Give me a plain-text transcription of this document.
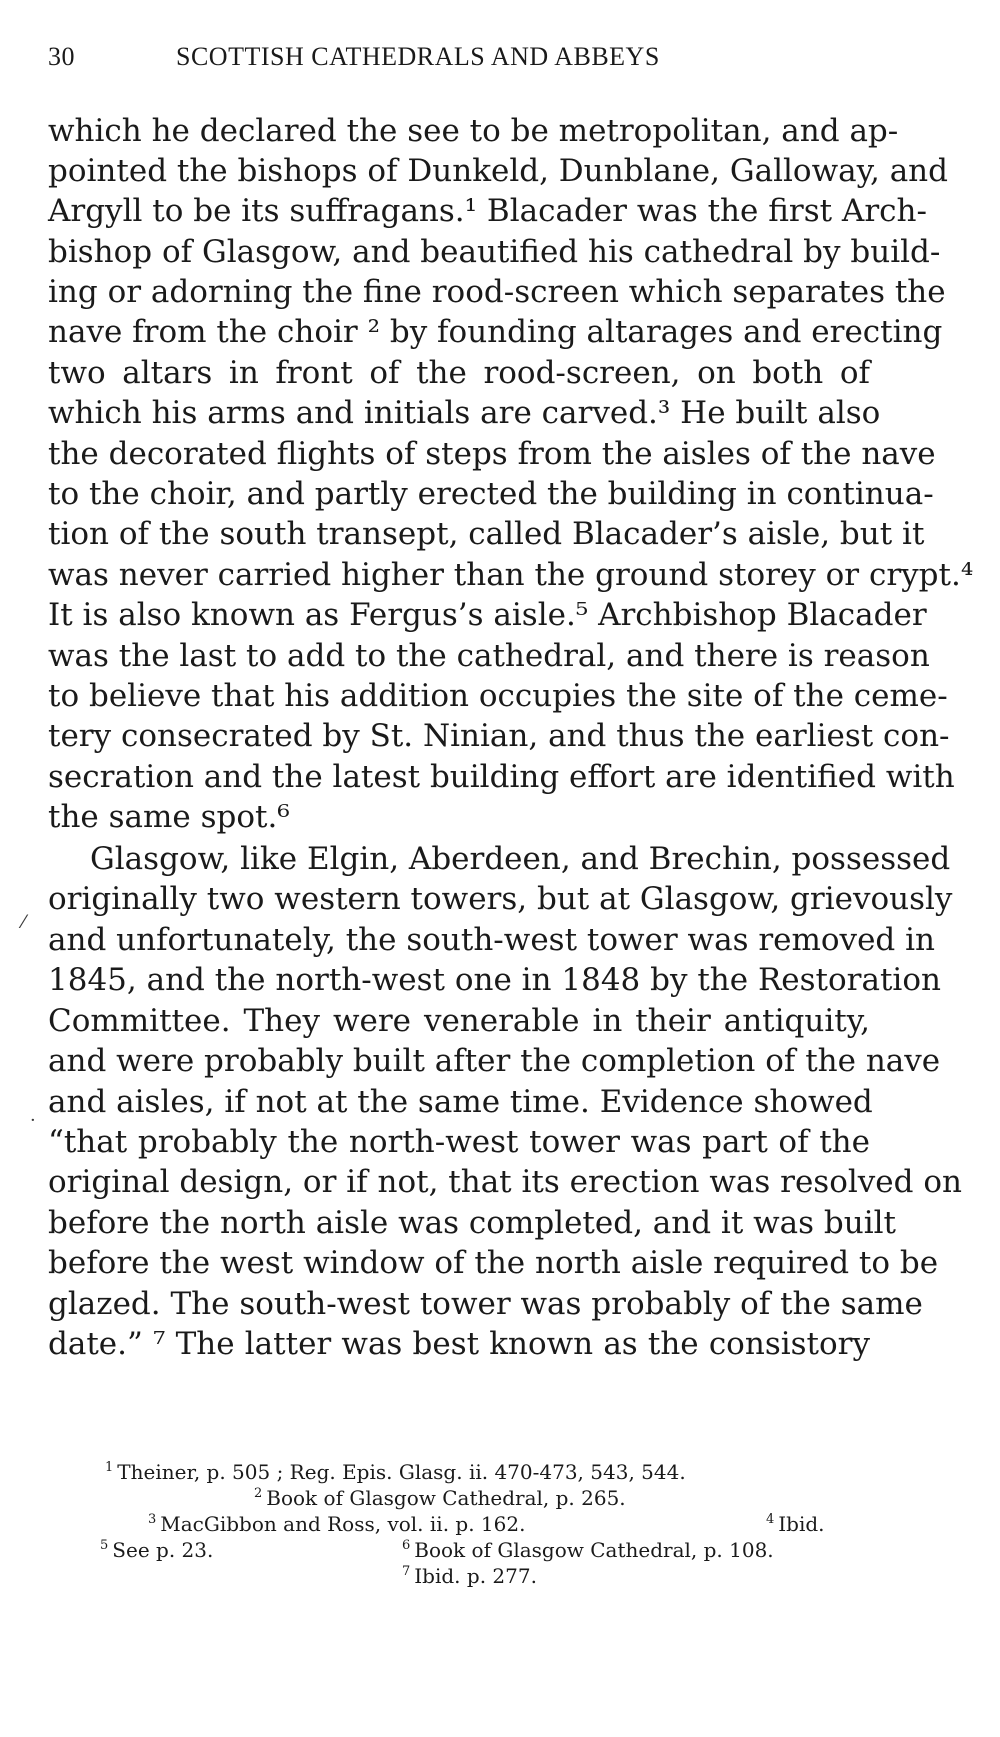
30	SCOTTISH CATHEDRALS AND ABBEYS
which he declared the see to be metropolitan, and ap-
pointed the bishops of Dunkeld, Dunblane, Galloway, and
Argyll to be its suffragans.¹ Blacader was the first Arch-
bishop of Glasgow, and beautified his cathedral by build-
ing or adorning the fine rood-screen which separates the
nave from the choir ² by founding altarages and erecting
two altars in front of the rood-screen, on both of
which his arms and initials are carved.³ He built also
the decorated flights of steps from the aisles of the nave
to the choir, and partly erected the building in continua-
tion of the south transept, called Blacader’s aisle, but it
was never carried higher than the ground storey or crypt.⁴
It is also known as Fergus’s aisle.⁵ Archbishop Blacader
was the last to add to the cathedral, and there is reason
to believe that his addition occupies the site of the ceme-
tery consecrated by St. Ninian, and thus the earliest con-
secration and the latest building effort are identified with
the same spot.⁶
Glasgow, like Elgin, Aberdeen, and Brechin, possessed
originally two western towers, but at Glasgow, grievously
and unfortunately, the south-west tower was removed in
1845, and the north-west one in 1848 by the Restoration
Committee. They were venerable in their antiquity,
and were probably built after the completion of the nave
and aisles, if not at the same time. Evidence showed
“that probably the north-west tower was part of the
original design, or if not, that its erection was resolved on
before the north aisle was completed, and it was built
before the west window of the north aisle required to be
glazed. The south-west tower was probably of the same
date.” ⁷ The latter was best known as the consistory
⁄
·
$^1$ Theiner, p. 505 ; Reg. Epis. Glasg. ii. 470-473, 543, 544.
$^2$ Book of Glasgow Cathedral, p. 265.
$^3$ MacGibbon and Ross, vol. ii. p. 162.	$^4$ Ibid.
$^5$ See p. 23.	$^6$ Book of Glasgow Cathedral, p. 108.
$^7$ Ibid. p. 277.
